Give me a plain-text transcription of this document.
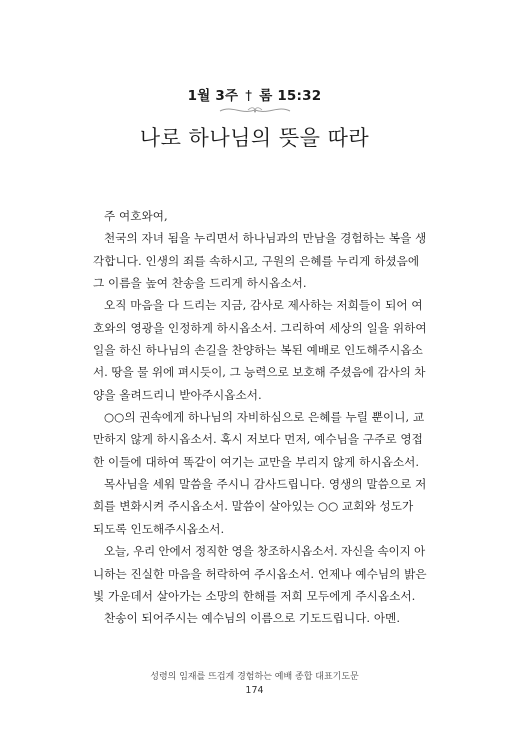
1월 3주 † 롬 15:32
나로 하나님의 뜻을 따라
주 여호와여,
천국의 자녀 됨을 누리면서 하나님과의 만남을 경험하는 복을 생
각합니다. 인생의 죄를 속하시고, 구원의 은혜를 누리게 하셨음에
그 이름을 높여 찬송을 드리게 하시옵소서.
오직 마음을 다 드리는 지금, 감사로 제사하는 저희들이 되어 여
호와의 영광을 인정하게 하시옵소서. 그리하여 세상의 일을 위하여
일을 하신 하나님의 손길을 찬양하는 복된 예배로 인도해주시옵소
서. 땅을 물 위에 펴시듯이, 그 능력으로 보호해 주셨음에 감사의 차
양을 올려드리니 받아주시옵소서.
○○의 권속에게 하나님의 자비하심으로 은혜를 누릴 뿐이니, 교
만하지 않게 하시옵소서. 혹시 저보다 먼저, 예수님을 구주로 영접
한 이들에 대하여 똑같이 여기는 교만을 부리지 않게 하시옵소서.
목사님을 세워 말씀을 주시니 감사드립니다. 영생의 말씀으로 저
희를 변화시켜 주시옵소서. 말씀이 살아있는 ○○ 교회와 성도가
되도록 인도해주시옵소서.
오늘, 우리 안에서 정직한 영을 창조하시옵소서. 자신을 속이지 아
니하는 진실한 마음을 허락하여 주시옵소서. 언제나 예수님의 밝은
빛 가운데서 살아가는 소망의 한해를 저희 모두에게 주시옵소서.
찬송이 되어주시는 예수님의 이름으로 기도드립니다. 아멘.
성령의 임재를 뜨겁게 경험하는 예배 종합 대표기도문
174
